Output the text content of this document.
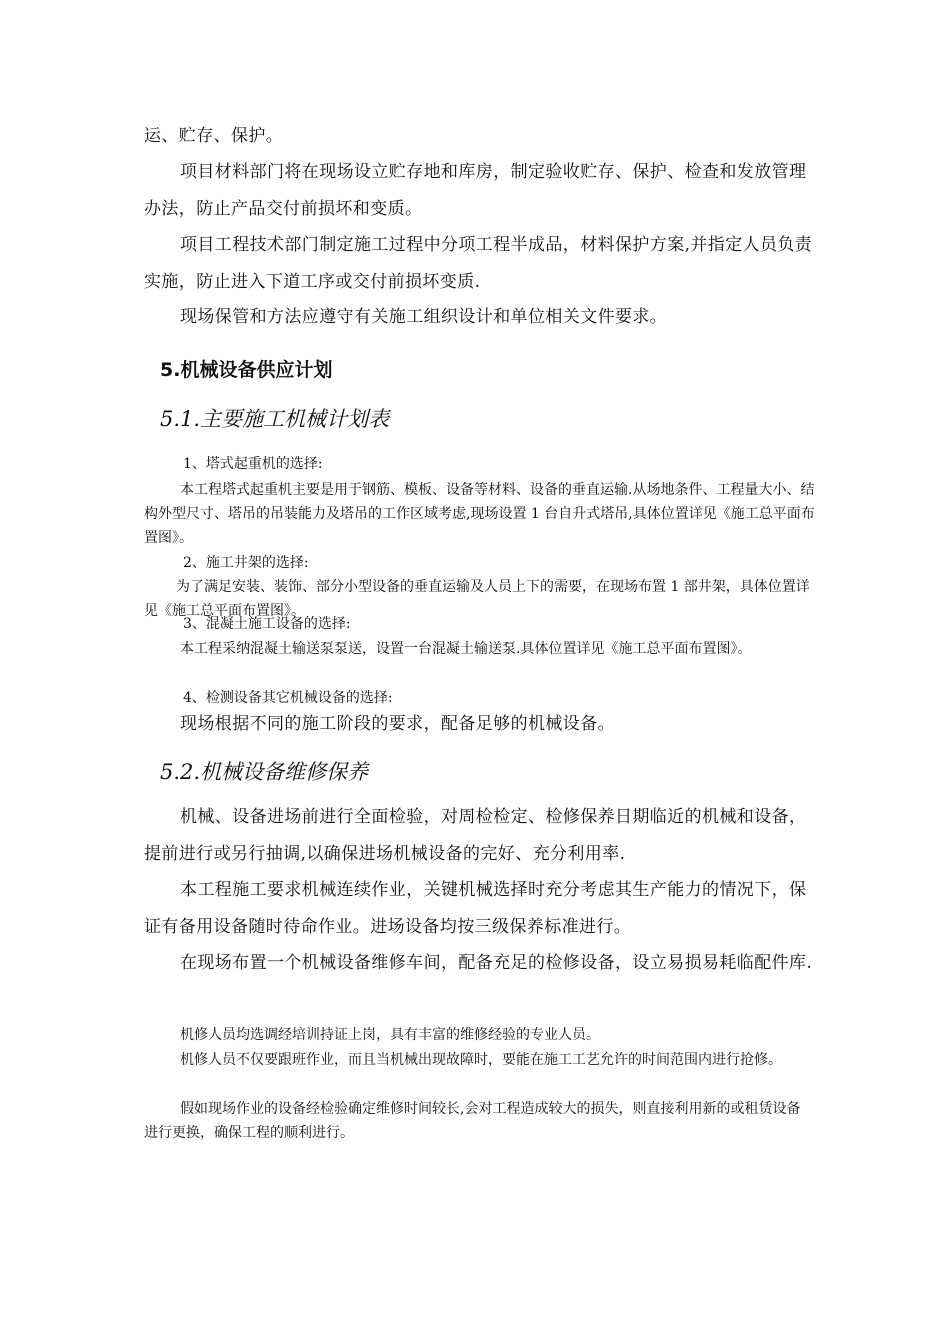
运、贮存、保护。

项目材料部门将在现场设立贮存地和库房，制定验收贮存、保护、检查和发放管理办法，防止产品交付前损坏和变质。

项目工程技术部门制定施工过程中分项工程半成品，材料保护方案,并指定人员负责实施，防止进入下道工序或交付前损坏变质.

现场保管和方法应遵守有关施工组织设计和单位相关文件要求。

5.机械设备供应计划
5.1.主要施工机械计划表

1、塔式起重机的选择:

本工程塔式起重机主要是用于钢筋、模板、设备等材料、设备的垂直运输.从场地条件、工程量大小、结构外型尺寸、塔吊的吊装能力及塔吊的工作区域考虑,现场设置 1 台自升式塔吊,具体位置详见《施工总平面布置图》。

2、施工井架的选择:

为了满足安装、装饰、部分小型设备的垂直运输及人员上下的需要，在现场布置 1 部井架，具体位置详见《施工总平面布置图》。

3、混凝土施工设备的选择:

本工程采纳混凝土输送泵泵送，设置一台混凝土输送泵.具体位置详见《施工总平面布置图》。

4、检测设备其它机械设备的选择:

现场根据不同的施工阶段的要求，配备足够的机械设备。

5.2.机械设备维修保养

机械、设备进场前进行全面检验，对周检检定、检修保养日期临近的机械和设备，提前进行或另行抽调,以确保进场机械设备的完好、充分利用率.

本工程施工要求机械连续作业，关键机械选择时充分考虑其生产能力的情况下，保证有备用设备随时待命作业。进场设备均按三级保养标准进行。

在现场布置一个机械设备维修车间，配备充足的检修设备，设立易损易耗临配件库.

机修人员均选调经培训持证上岗，具有丰富的维修经验的专业人员。

机修人员不仅要跟班作业，而且当机械出现故障时，要能在施工工艺允许的时间范围内进行抢修。

假如现场作业的设备经检验确定维修时间较长,会对工程造成较大的损失，则直接利用新的或租赁设备进行更换，确保工程的顺利进行。
